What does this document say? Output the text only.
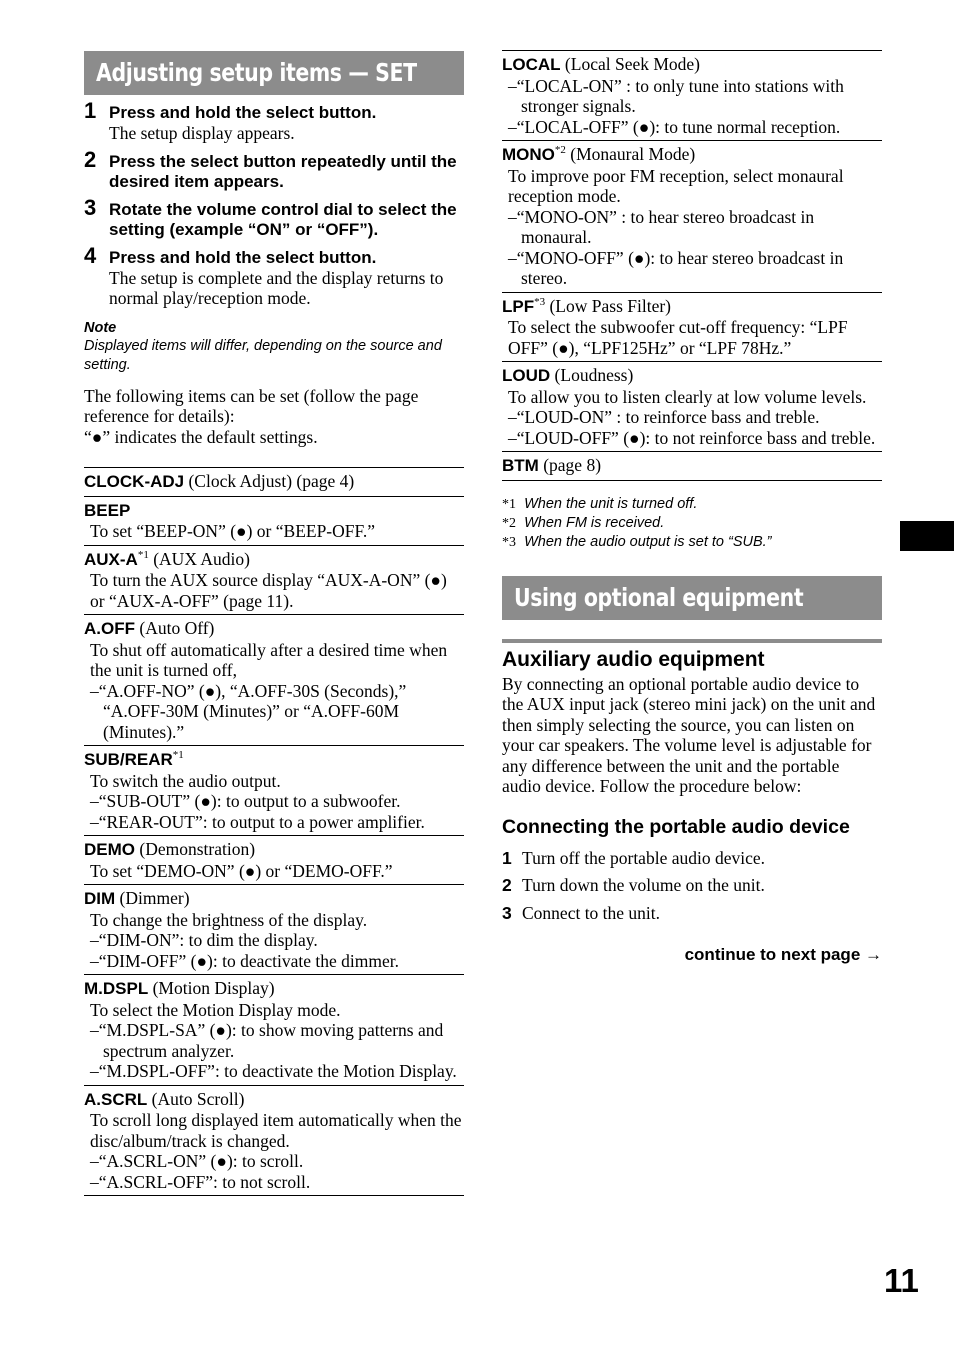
11
Adjusting setup items — SET
1 Press and hold the select button.
The setup display appears.
2 Press the select button repeatedly until the desired item appears.
3 Rotate the volume control dial to select the setting (example “ON” or “OFF”).
4 Press and hold the select button.
The setup is complete and the display returns to normal play/reception mode.
Note
Displayed items will differ, depending on the source and setting.
The following items can be set (follow the page reference for details):
“●” indicates the default settings.
CLOCK-ADJ (Clock Adjust) (page 4)
BEEP
To set “BEEP-ON” (●) or “BEEP-OFF.”
AUX-$A^{*1}$ (AUX Audio)
To turn the AUX source display “AUX-A-ON” (●) or “AUX-A-OFF” (page 11).
A.OFF (Auto Off)
To shut off automatically after a desired time when the unit is turned off,
–“A.OFF-NO” (●), “A.OFF-30S (Seconds),” “A.OFF-30M (Minutes)” or “A.OFF-60M (Minutes).”
SUB/REAR$^{*1}$
To switch the audio output.
–“SUB-OUT” (●): to output to a subwoofer.
–“REAR-OUT”: to output to a power amplifier.
DEMO (Demonstration)
To set “DEMO-ON” (●) or “DEMO-OFF.”
DIM (Dimmer)
To change the brightness of the display.
–“DIM-ON”: to dim the display.
–“DIM-OFF” (●): to deactivate the dimmer.
M.DSPL (Motion Display)
To select the Motion Display mode.
–“M.DSPL-SA” (●): to show moving patterns and spectrum analyzer.
–“M.DSPL-OFF”: to deactivate the Motion Display.
A.SCRL (Auto Scroll)
To scroll long displayed item automatically when the disc/album/track is changed.
–“A.SCRL-ON” (●): to scroll.
–“A.SCRL-OFF”: to not scroll.
LOCAL (Local Seek Mode)
–“LOCAL-ON” : to only tune into stations with stronger signals.
–“LOCAL-OFF” (●): to tune normal reception.
MONO$^{*2}$ (Monaural Mode)
To improve poor FM reception, select monaural reception mode.
–“MONO-ON” : to hear stereo broadcast in monaural.
–“MONO-OFF” (●): to hear stereo broadcast in stereo.
LPF$^{*3}$ (Low Pass Filter)
To select the subwoofer cut-off frequency: “LPF OFF” (●), “LPF125Hz” or “LPF 78Hz.”
LOUD (Loudness)
To allow you to listen clearly at low volume levels.
–“LOUD-ON” : to reinforce bass and treble.
–“LOUD-OFF” (●): to not reinforce bass and treble.
BTM (page 8)
*1 When the unit is turned off.
*2 When FM is received.
*3 When the audio output is set to “SUB.”
Using optional equipment
Auxiliary audio equipment
By connecting an optional portable audio device to the AUX input jack (stereo mini jack) on the unit and then simply selecting the source, you can listen on your car speakers. The volume level is adjustable for any difference between the unit and the portable audio device. Follow the procedure below:
Connecting the portable audio device
1 Turn off the portable audio device.
2 Turn down the volume on the unit.
3 Connect to the unit.
continue to next page →
